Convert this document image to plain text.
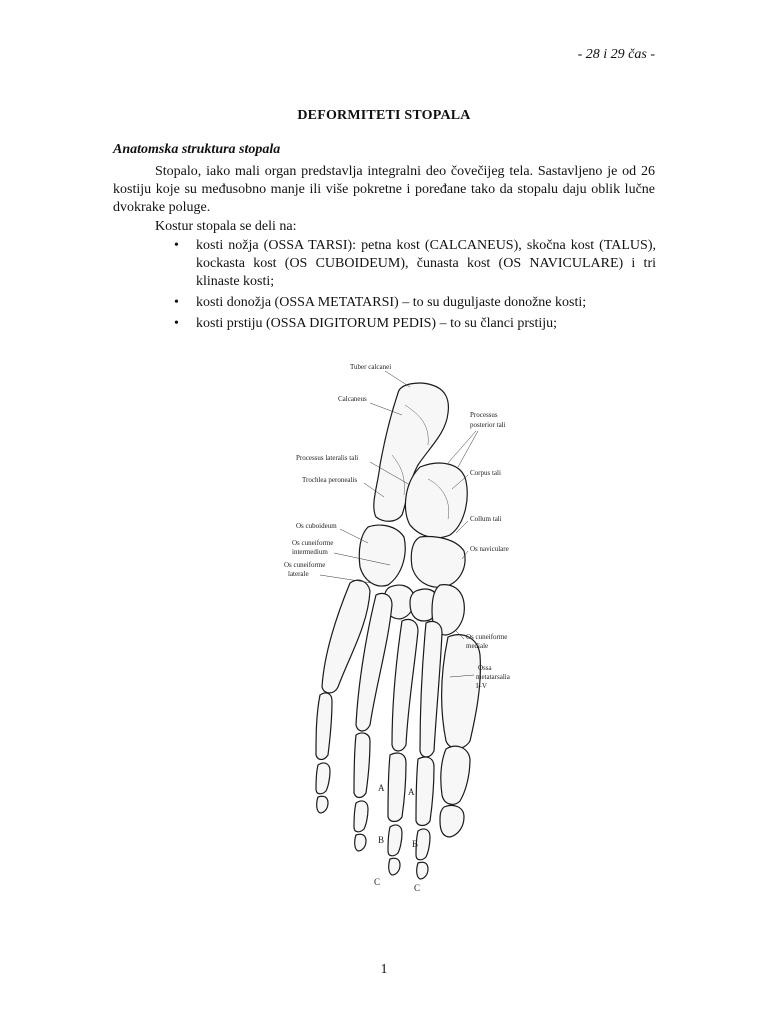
- 28 i 29 čas -
DEFORMITETI STOPALA
Anatomska struktura stopala
Stopalo, iako mali organ predstavlja integralni deo čovečijeg tela. Sastavljeno je od 26 kostiju koje su međusobno manje ili više pokretne i poređane tako da stopalu daju oblik lučne dvokrake poluge.
Kostur stopala se deli na:
• kosti nožja (OSSA TARSI): petna kost (CALCANEUS), skočna kost (TALUS), kockasta kost (OS CUBOIDEUM), čunasta kost (OS NAVICULARE) i tri klinaste kosti;
• kosti donožja (OSSA METATARSI) – to su duguljaste donožne kosti;
• kosti prstiju (OSSA DIGITORUM PEDIS) – to su članci prstiju;
A	A
B	B
C
C
Tuber calcanei
Calcaneus
Processus
posterior tali
Processus lateralis tali
Trochlea peronealis
Corpus tali
Os cuboideum
Collum tali
Os cuneiforme
intermedium	Os naviculare
Os cuneiforme
laterale
Os cuneiforme
mediale
Ossa
metatarsalia
I–V
1
